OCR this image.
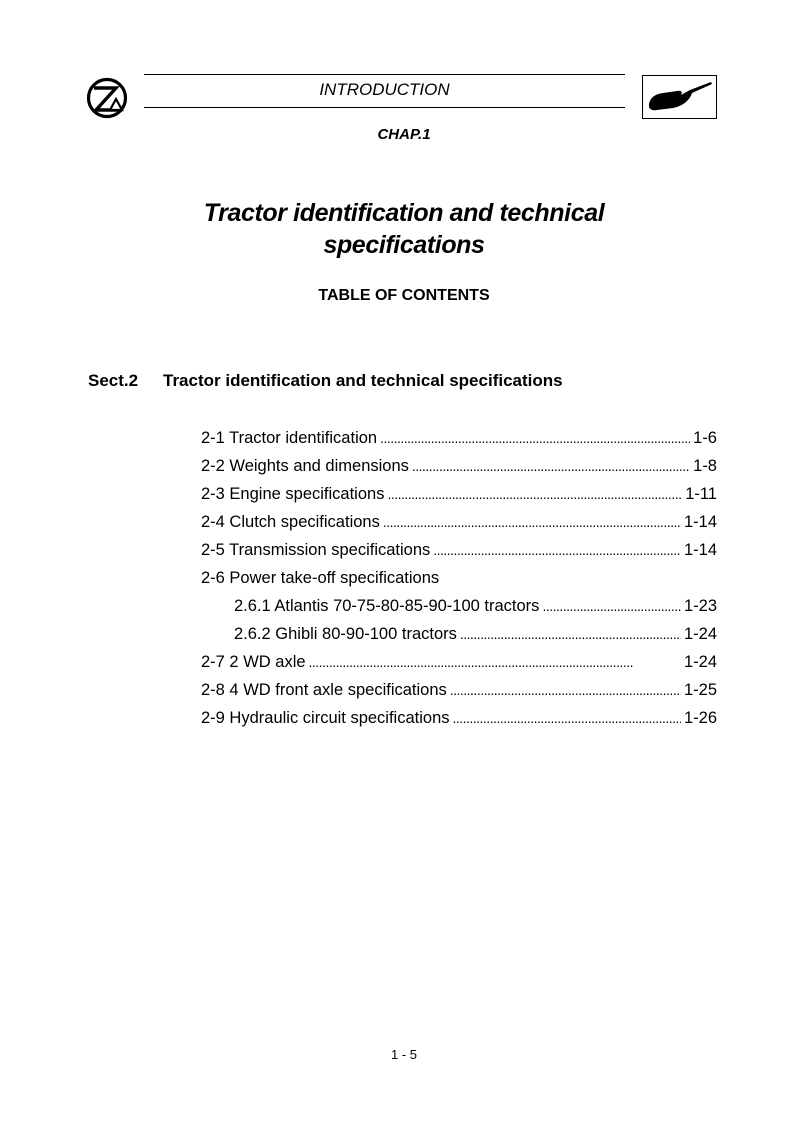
INTRODUCTION
CHAP.1
Tractor identification and technical
specifications
TABLE OF CONTENTS
Sect.2 Tractor identification and technical specifications
2-1 Tractor identification . . .	1-6
2-2 Weights and dimensions . . .	1-8
2-3 Engine specifications . . .	1-11
2-4 Clutch specifications . . .	1-14
2-5 Transmission specifications . . .	1-14
2-6 Power take-off specifications
2.6.1 Atlantis 70-75-80-85-90-100 tractors . . .	1-23
2.6.2 Ghibli 80-90-100 tractors . . .	1-24
2-7 2 WD axle . . .	1-24
2-8 4 WD front axle specifications . . .	1-25
2-9 Hydraulic circuit specifications . . .	1-26
1 - 5
